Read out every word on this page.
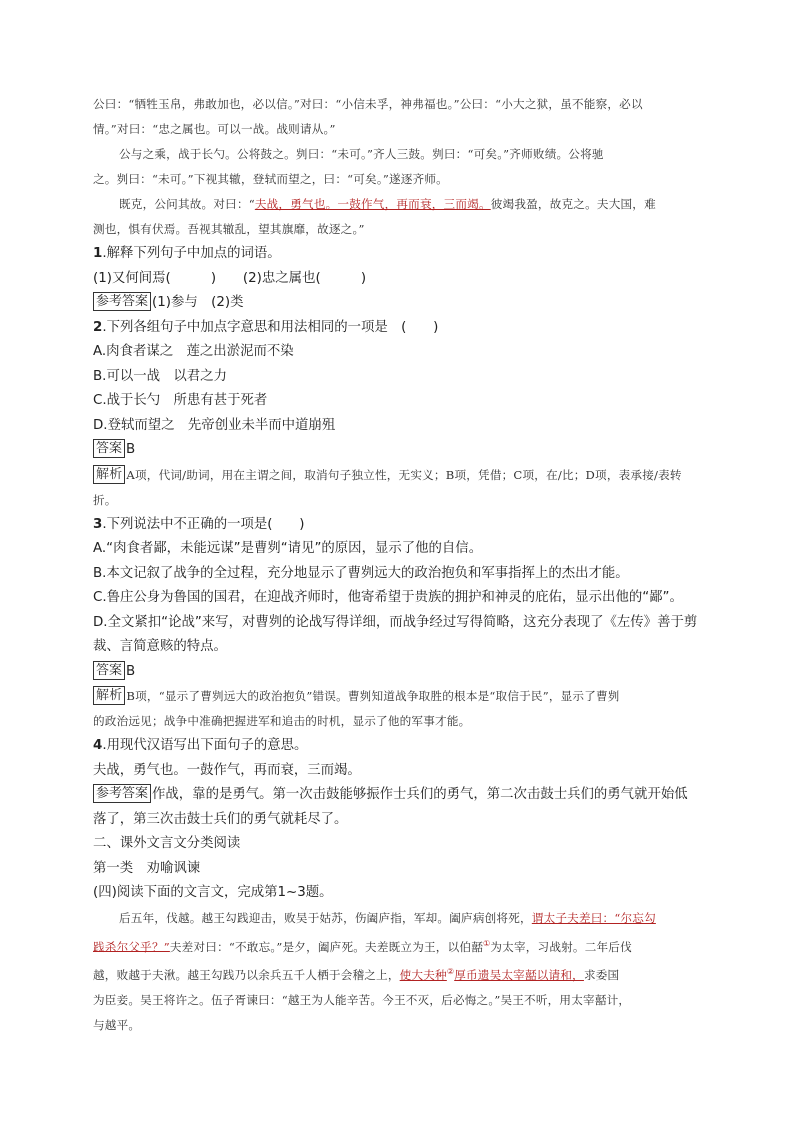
公曰：“牺牲玉帛，弗敢加也，必以信。”对曰：“小信未孚，神弗福也。”公曰：“小大之狱，虽不能察，必以
情。”对曰：“忠之属也。可以一战。战则请从。”
公与之乘，战于长勺。公将鼓之。刿曰：“未可。”齐人三鼓。刿曰：“可矣。”齐师败绩。公将驰
之。刿曰：“未可。”下视其辙，登轼而望之，曰：“可矣。”遂逐齐师。
既克，公问其故。对曰：“夫战，勇气也。一鼓作气，再而衰，三而竭。彼竭我盈，故克之。夫大国，难
测也，惧有伏焉。吾视其辙乱，望其旗靡，故逐之。”
1.解释下列句子中加点的词语。
(1)又何间焉(　　　)　　(2)忠之属也(　　　)
参考答案 (1)参与　(2)类
2.下列各组句子中加点字意思和用法相同的一项是　(　　)
A.肉食者谋之　莲之出淤泥而不染
B.可以一战　以君之力
C.战于长勺　所患有甚于死者
D.登轼而望之　先帝创业未半而中道崩殂
答案 B
解析 A项，代词/助词，用在主谓之间，取消句子独立性，无实义；B项，凭借；C项，在/比；D项，表承接/表转
折。
3.下列说法中不正确的一项是(　　)
A.“肉食者鄙，未能远谋”是曹刿“请见”的原因，显示了他的自信。
B.本文记叙了战争的全过程，充分地显示了曹刿远大的政治抱负和军事指挥上的杰出才能。
C.鲁庄公身为鲁国的国君，在迎战齐师时，他寄希望于贵族的拥护和神灵的庇佑，显示出他的“鄙”。
D.全文紧扣“论战”来写，对曹刿的论战写得详细，而战争经过写得简略，这充分表现了《左传》善于剪
裁、言简意赅的特点。
答案 B
解析 B项，“显示了曹刿远大的政治抱负”错误。曹刿知道战争取胜的根本是“取信于民”，显示了曹刿
的政治远见；战争中准确把握进军和追击的时机，显示了他的军事才能。
4.用现代汉语写出下面句子的意思。
夫战，勇气也。一鼓作气，再而衰，三而竭。
参考答案 作战，靠的是勇气。第一次击鼓能够振作士兵们的勇气，第二次击鼓士兵们的勇气就开始低
落了，第三次击鼓士兵们的勇气就耗尽了。
二、课外文言文分类阅读
第一类　劝喻讽谏
(四)阅读下面的文言文，完成第1~3题。
后五年，伐越。越王勾践迎击，败吴于姑苏，伤阖庐指，军却。阖庐病创将死，谓太子夫差曰：“尔忘勾
践杀尔父乎？”夫差对曰：“不敢忘。”是夕，阖庐死。夫差既立为王，以伯嚭①为太宰，习战射。二年后伐
越，败越于夫湫。越王勾践乃以余兵五千人栖于会稽之上，使大夫种②厚币遗吴太宰嚭以请和，求委国
为臣妾。吴王将许之。伍子胥谏曰：“越王为人能辛苦。今王不灭，后必悔之。”吴王不听，用太宰嚭计，
与越平。
